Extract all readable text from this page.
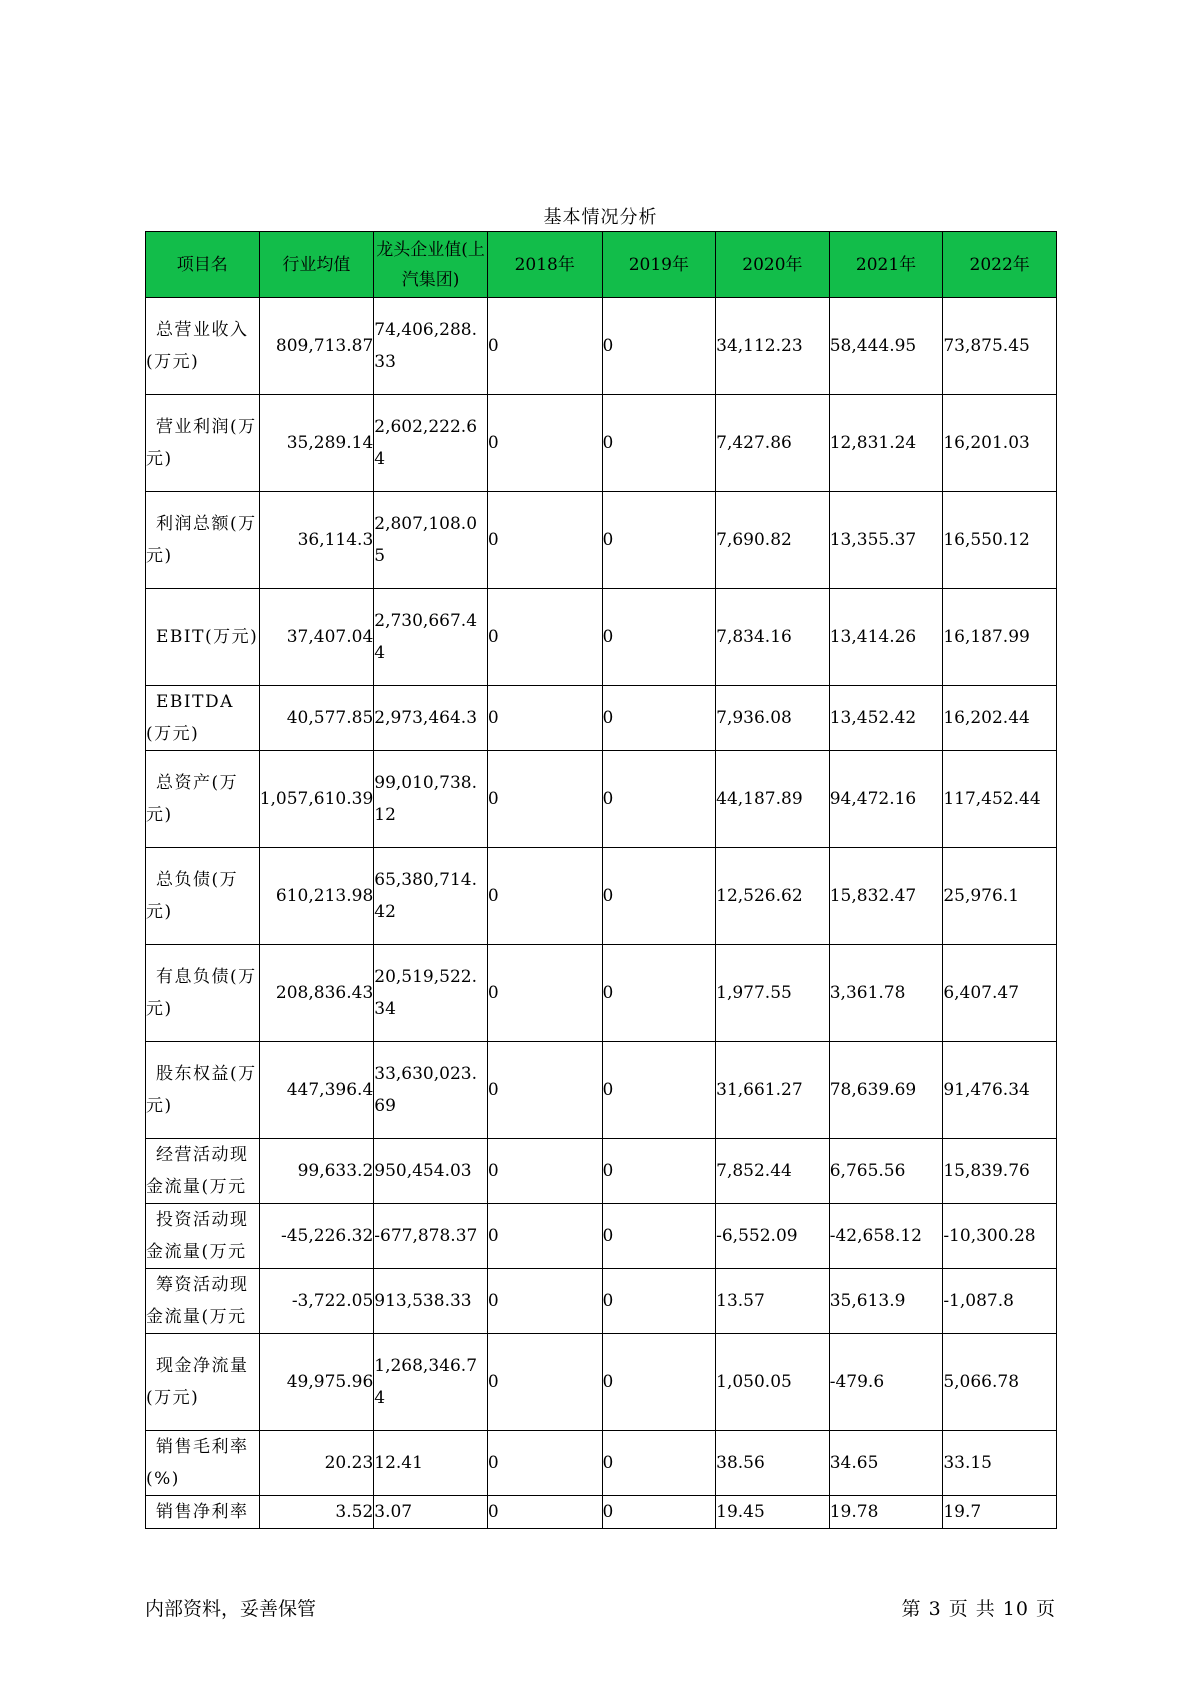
基本情况分析
项目名	行业均值	龙头企业值(上汽集团)	2018年	2019年	2020年	2021年	2022年
总营业收入(万元)	809,713.87	74,406,288.33	0	0	34,112.23	58,444.95	73,875.45
营业利润(万元)	35,289.14	2,602,222.64	0	0	7,427.86	12,831.24	16,201.03
利润总额(万元)	36,114.3	2,807,108.05	0	0	7,690.82	13,355.37	16,550.12
EBIT(万元)	37,407.04	2,730,667.44	0	0	7,834.16	13,414.26	16,187.99
EBITDA(万元)	40,577.85	2,973,464.3	0	0	7,936.08	13,452.42	16,202.44
总资产(万元)	1,057,610.39	99,010,738.12	0	0	44,187.89	94,472.16	117,452.44
总负债(万元)	610,213.98	65,380,714.42	0	0	12,526.62	15,832.47	25,976.1
有息负债(万元)	208,836.43	20,519,522.34	0	0	1,977.55	3,361.78	6,407.47
股东权益(万元)	447,396.4	33,630,023.69	0	0	31,661.27	78,639.69	91,476.34
经营活动现金流量(万元	99,633.2	950,454.03	0	0	7,852.44	6,765.56	15,839.76
投资活动现金流量(万元	-45,226.32	-677,878.37	0	0	-6,552.09	-42,658.12	-10,300.28
筹资活动现金流量(万元	-3,722.05	913,538.33	0	0	13.57	35,613.9	-1,087.8
现金净流量(万元)	49,975.96	1,268,346.74	0	0	1,050.05	-479.6	5,066.78
销售毛利率(%)	20.23	12.41	0	0	38.56	34.65	33.15
销售净利率	3.52	3.07	0	0	19.45	19.78	19.7
内部资料，妥善保管	第 3 页 共 10 页
